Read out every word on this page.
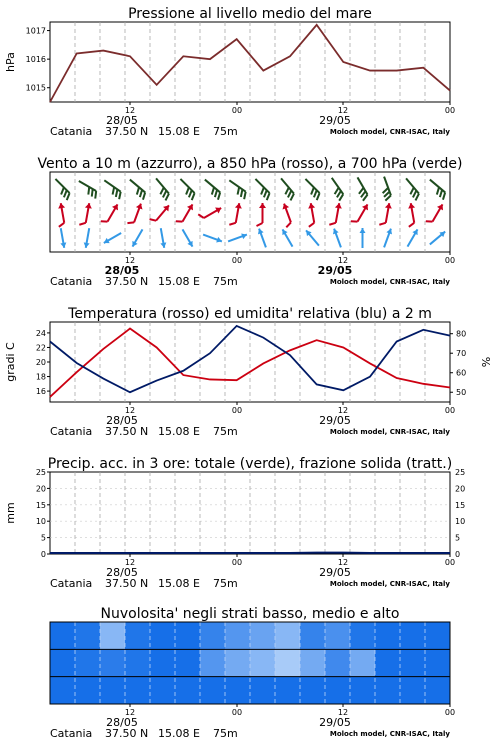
Pressione al livello medio del mare
1015
1016
1017
hPa
12	00	12	00
28/05	29/05
Catania 37.50 N 15.08 E 75m	Moloch model, CNR-ISAC, Italy
Vento a 10 m (azzurro), a 850 hPa (rosso), a 700 hPa (verde)
12	00	12	00
28/05	29/05
Catania 37.50 N 15.08 E 75m	Moloch model, CNR-ISAC, Italy
Temperatura (rosso) ed umidita' relativa (blu) a 2 m
16
18
20
22
24
50
60
70
80
gradi C	%
12	00	12	00
28/05	29/05
Catania 37.50 N 15.08 E 75m	Moloch model, CNR-ISAC, Italy
Precip. acc. in 3 ore: totale (verde), frazione solida (tratt.)
0
5
10
15
20
25
0
5
10
15
20
25
mm
12	00	12	00
28/05	29/05
Catania 37.50 N 15.08 E 75m	Moloch model, CNR-ISAC, Italy
Nuvolosita' negli strati basso, medio e alto
12	00	12	00
28/05	29/05
Catania 37.50 N 15.08 E 75m	Moloch model, CNR-ISAC, Italy
